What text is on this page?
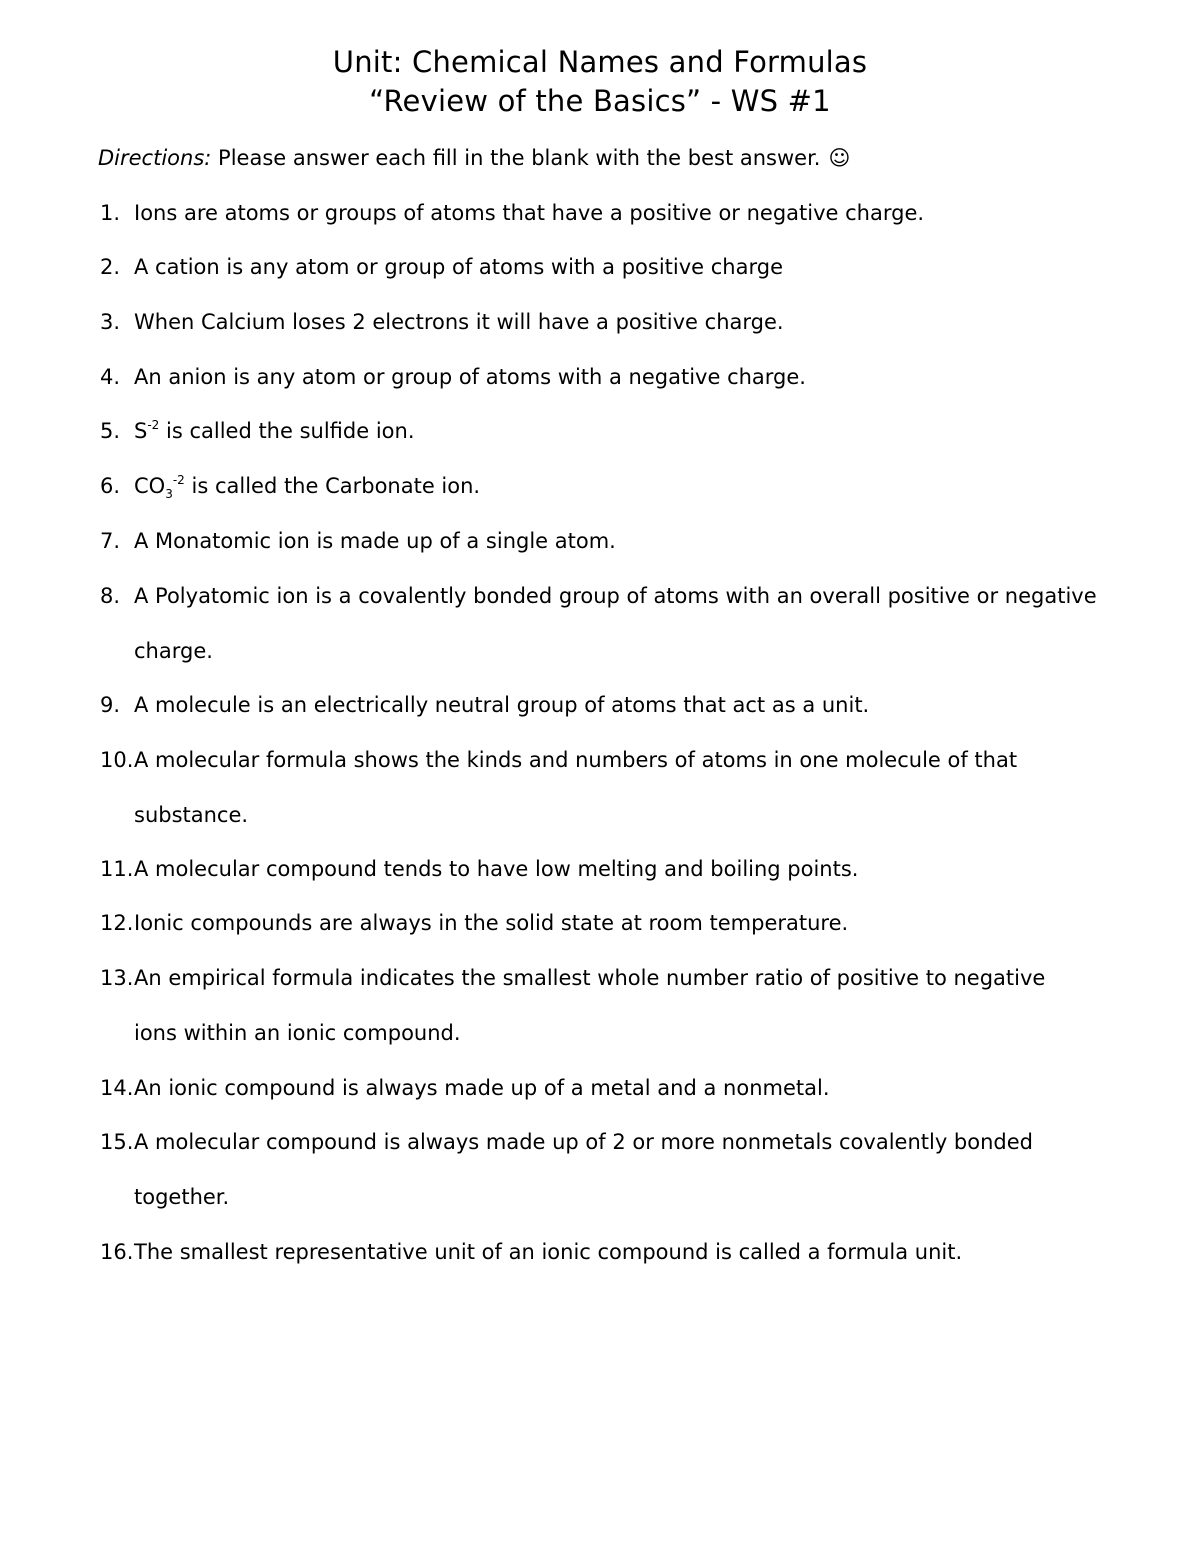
Unit: Chemical Names and Formulas
“Review of the Basics” - WS #1
Directions: Please answer each fill in the blank with the best answer. ☺
1. Ions are atoms or groups of atoms that have a positive or negative charge.
2. A cation is any atom or group of atoms with a positive charge
3. When Calcium loses 2 electrons it will have a positive charge.
4. An anion is any atom or group of atoms with a negative charge.
5. $S^{-2}$ is called the sulfide ion.
6. $CO_3^{-2}$ is called the Carbonate ion.
7. A Monatomic ion is made up of a single atom.
8. A Polyatomic ion is a covalently bonded group of atoms with an overall positive or negative charge.
9. A molecule is an electrically neutral group of atoms that act as a unit.
10. A molecular formula shows the kinds and numbers of atoms in one molecule of that substance.
11. A molecular compound tends to have low melting and boiling points.
12. Ionic compounds are always in the solid state at room temperature.
13. An empirical formula indicates the smallest whole number ratio of positive to negative ions within an ionic compound.
14. An ionic compound is always made up of a metal and a nonmetal.
15. A molecular compound is always made up of 2 or more nonmetals covalently bonded together.
16. The smallest representative unit of an ionic compound is called a formula unit.
